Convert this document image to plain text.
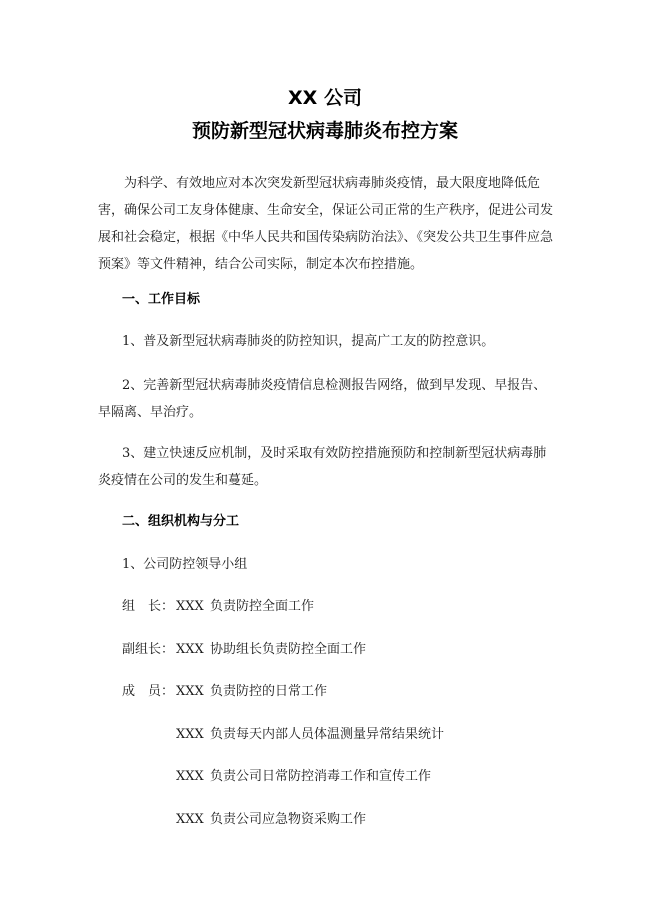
XX 公司
预防新型冠状病毒肺炎布控方案

为科学、有效地应对本次突发新型冠状病毒肺炎疫情，最大限度地降低危害，确保公司工友身体健康、生命安全，保证公司正常的生产秩序，促进公司发展和社会稳定，根据《中华人民共和国传染病防治法》、《突发公共卫生事件应急预案》等文件精神，结合公司实际，制定本次布控措施。

一、工作目标

1、普及新型冠状病毒肺炎的防控知识，提高广工友的防控意识。

2、完善新型冠状病毒肺炎疫情信息检测报告网络，做到早发现、早报告、早隔离、早治疗。

3、建立快速反应机制，及时采取有效防控措施预防和控制新型冠状病毒肺炎疫情在公司的发生和蔓延。

二、组织机构与分工

1、公司防控领导小组

组　长： XXX 负责防控全面工作

副组长： XXX 协助组长负责防控全面工作

成　员： XXX 负责防控的日常工作

XXX 负责每天内部人员体温测量异常结果统计

XXX 负责公司日常防控消毒工作和宣传工作

XXX 负责公司应急物资采购工作
